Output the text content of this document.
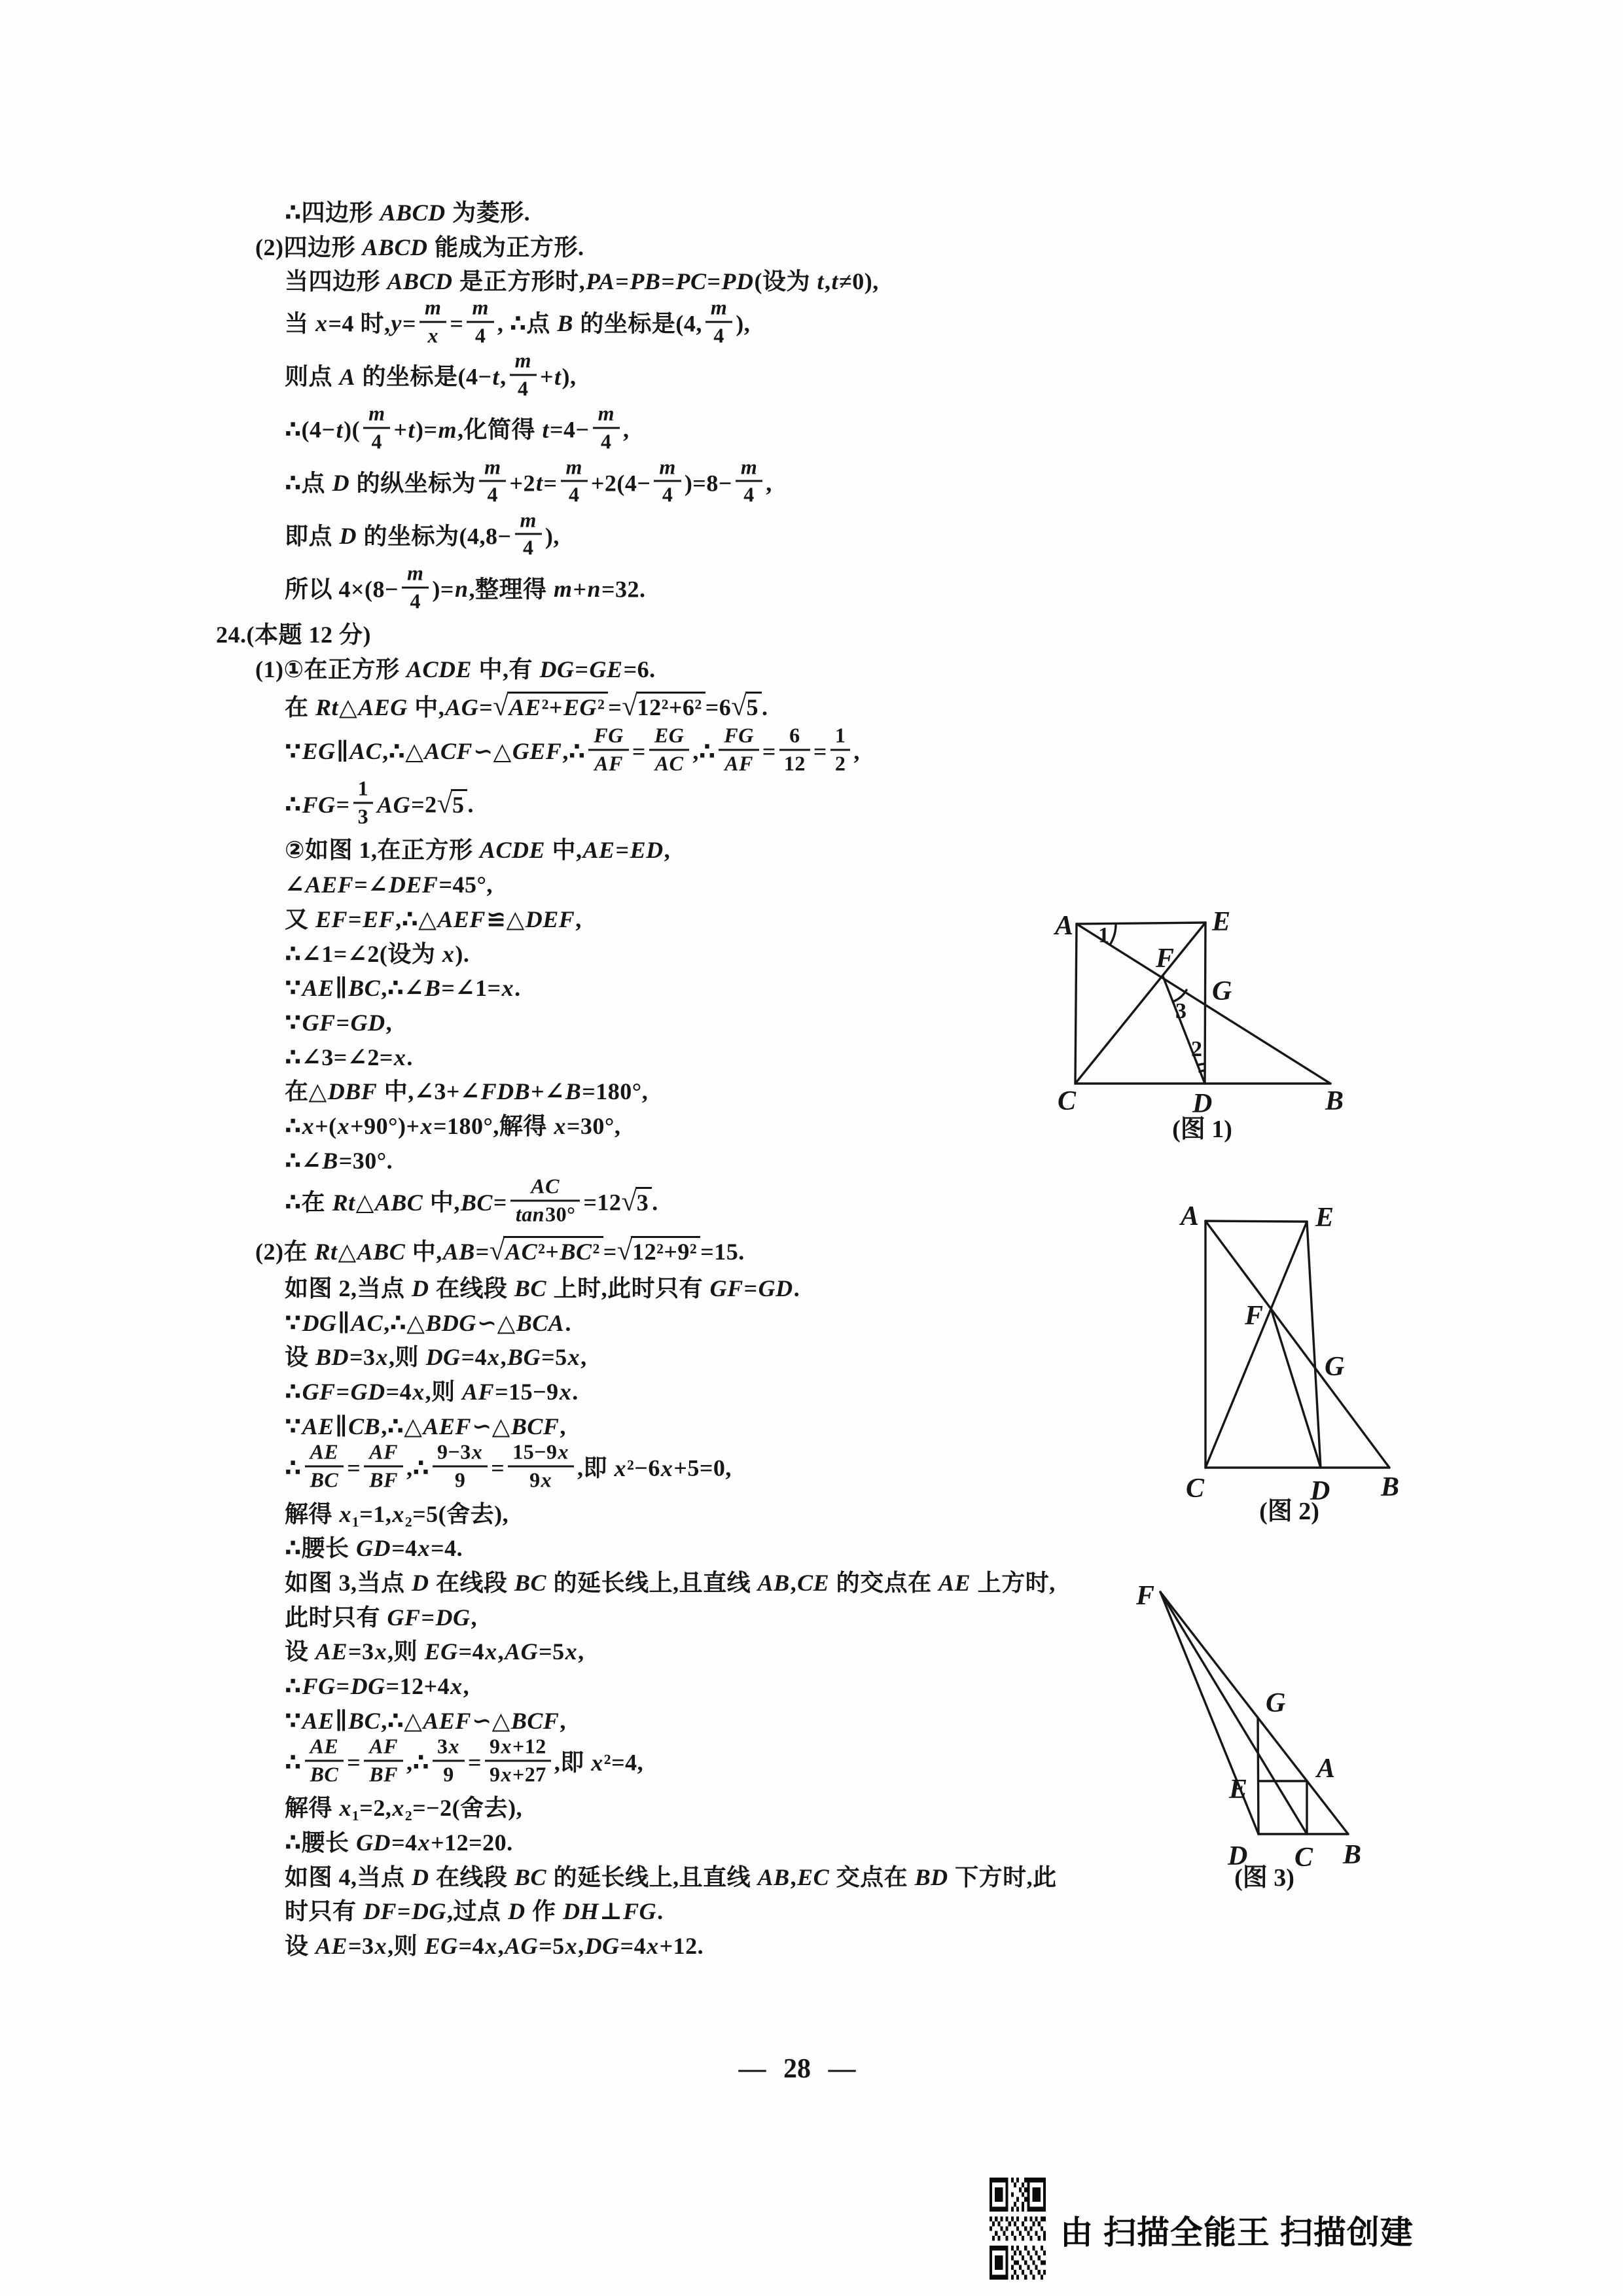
∴四边形 ABCD 为菱形.
(2)四边形 ABCD 能成为正方形.
当四边形 ABCD 是正方形时,PA=PB=PC=PD(设为 t,t≠0),
当 x=4 时$,y= \frac{m}{x} = \frac{m}{4}$ , ∴点 B 的坐标是(4, $\frac{m}{4}$ ),
则点 A 的坐标是(4−t, $\frac{m}{4} +t$),
∴(4−t)( $\frac{m}{4} +t)=m$,化简得 $t=4- \frac{m}{4}$ ,
∴点 D 的纵坐标为 $\frac{m}{4} +2t= \frac{m}{4} +2(4- \frac{m}{4} )=8- \frac{m}{4}$ ,
即点 D 的坐标为($4,8- \frac{m}{4}$ ),
所以 $4\times(8- \frac{m}{4} )=n$,整理得 m+n=32.
24.(本题 12 分)
(1)①在正方形 ACDE 中,有 DG=GE=6.
在 Rt△AEG 中,AG=√AE²+EG² =√12²+6² =6√5 .
∵EG∥AC,∴△ACF∽△GEF,∴ $\frac{FG}{AF} = \frac{EG}{AC}$ ,∴ $\frac{FG}{AF} = \frac{6}{12} = \frac{1}{2}$ ,
∴FG= $\frac{1}{3} AG=2√5$ .
②如图 1,在正方形 ACDE 中,AE=ED,
∠AEF=∠DEF=45°,
又 EF=EF,∴△AEF≌△DEF,
∴∠1=∠2(设为 x).
∵AE∥BC,∴∠B=∠1=x.
∵GF=GD,
∴∠3=∠2=x.
在△DBF 中,∠3+∠FDB+∠B=180°,
∴x+(x+90°)+x=180°,解得 x=30°,
∴∠B=30°.
∴在 Rt△ABC 中$,BC= \frac{AC}{\tan 30^\circ} =12√3$ .
(2)在 Rt△ABC 中,AB=√AC²+BC² =√12²+9² =15.
如图 2,当点 D 在线段 BC 上时,此时只有 GF=GD.
∵DG∥AC,∴△BDG∽△BCA.
设 BD=3x,则 DG=4x,BG=5x,
∴GF=GD=4x,则 AF=15−9x.
∵AE∥CB,∴△AEF∽△BCF,
∴ $\frac{AE}{BC} = \frac{AF}{BF}$ ,∴ $\frac{9-3x}{9} = \frac{15-9x}{9x}$ ,即 x²−6x+5=0,
解得 x₁=1,x₂=5(舍去),
∴腰长 GD=4x=4.
如图 3,当点 D 在线段 BC 的延长线上,且直线 AB,CE 的交点在 AE 上方时,
此时只有 GF=DG,
设 AE=3x,则 EG=4x,AG=5x,
∴FG=DG=12+4x,
∵AE∥BC,∴△AEF∽△BCF,
∴ $\frac{AE}{BC} = \frac{AF}{BF}$ ,∴ $\frac{3x}{9} = \frac{9x+12}{9x+27}$ ,即 x²=4,
解得 x₁=2,x₂=−2(舍去),
∴腰长 GD=4x+12=20.
如图 4,当点 D 在线段 BC 的延长线上,且直线 AB,EC 交点在 BD 下方时,此
时只有 DF=DG,过点 D 作 DH⊥FG.
设 AE=3x,则 EG=4x,AG=5x,DG=4x+12.
A	E
F
G
B
C	D
1
3
2
(图 1)
A	E
F
G
C	D B
(图 2)
F
G
E
A
D C B
(图 3)
— 28 —
由 扫描全能王 扫描创建
